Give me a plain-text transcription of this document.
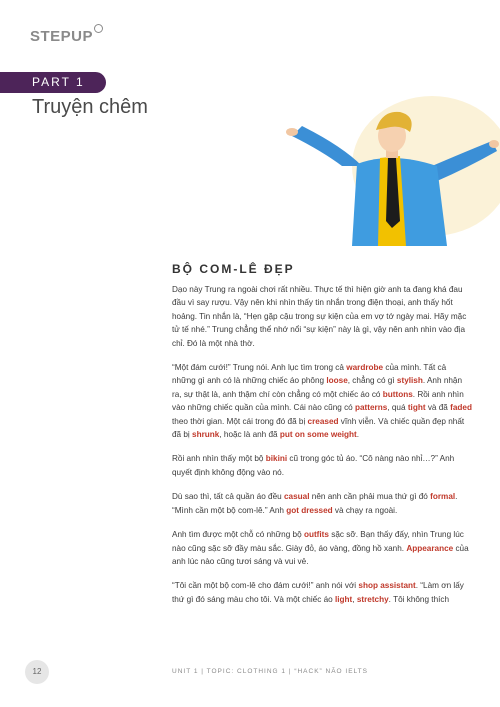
STEPUP
PART 1
Truyện chêm
BỘ COM-LÊ ĐẸP

Dạo này Trung ra ngoài chơi rất nhiều. Thực tế thì hiện giờ anh ta đang khá đau đầu vì say rượu. Vậy nên khi nhìn thấy tin nhắn trong điện thoại, anh thấy hốt hoảng. Tin nhắn là, “Hẹn gặp cậu trong sự kiện của em vợ tớ ngày mai. Hãy mặc tử tế nhé.” Trung chẳng thể nhớ nổi “sự kiện” này là gì, vậy nên anh nhìn vào địa chỉ. Đó là một nhà thờ.

“Một đám cưới!” Trung nói. Anh lục tìm trong cả wardrobe của mình. Tất cả những gì anh có là những chiếc áo phông loose, chẳng có gì stylish. Anh nhận ra, sự thật là, anh thậm chí còn chẳng có một chiếc áo có buttons. Rồi anh nhìn vào những chiếc quần của mình. Cái nào cũng có patterns, quá tight và đã faded theo thời gian. Một cái trong đó đã bị creased vĩnh viễn. Và chiếc quần đẹp nhất đã bị shrunk, hoặc là anh đã put on some weight.

Rồi anh nhìn thấy một bộ bikini cũ trong góc tủ áo. “Cô nàng nào nhỉ…?” Anh quyết định không động vào nó.

Dù sao thì, tất cả quần áo đều casual nên anh cần phải mua thứ gì đó formal. “Mình cần một bộ com-lê.” Anh got dressed và chạy ra ngoài.

Anh tìm được một chỗ có những bộ outfits sặc sỡ. Bạn thấy đấy, nhìn Trung lúc nào cũng sặc sỡ đầy màu sắc. Giày đỏ, áo vàng, đồng hồ xanh. Appearance của anh lúc nào cũng tươi sáng và vui vẻ.

“Tôi cần một bộ com-lê cho đám cưới!” anh nói với shop assistant. “Làm ơn lấy thứ gì đó sáng màu cho tôi. Và một chiếc áo light, stretchy. Tôi không thích

12	UNIT 1 | TOPIC: CLOTHING 1 | “HACK” NÃO IELTS
